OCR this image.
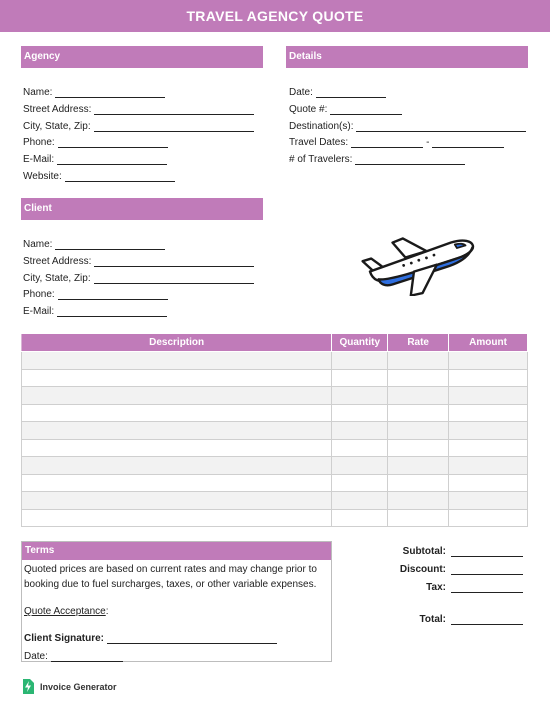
TRAVEL AGENCY QUOTE
Agency
Name:
Street Address:
City, State, Zip:
Phone:
E-Mail:
Website:
Details
Date:
Quote #:
Destination(s):
Travel Dates:	-
# of Travelers:
Client
Name:
Street Address:
City, State, Zip:
Phone:
E-Mail:
Description	Quantity	Rate	Amount

Terms
Quoted prices are based on current rates and may change prior to booking due to fuel surcharges, taxes, or other variable expenses.
Quote Acceptance:
Client Signature:
Date:
Subtotal:
Discount:
Tax:
Total:
Invoice Generator
